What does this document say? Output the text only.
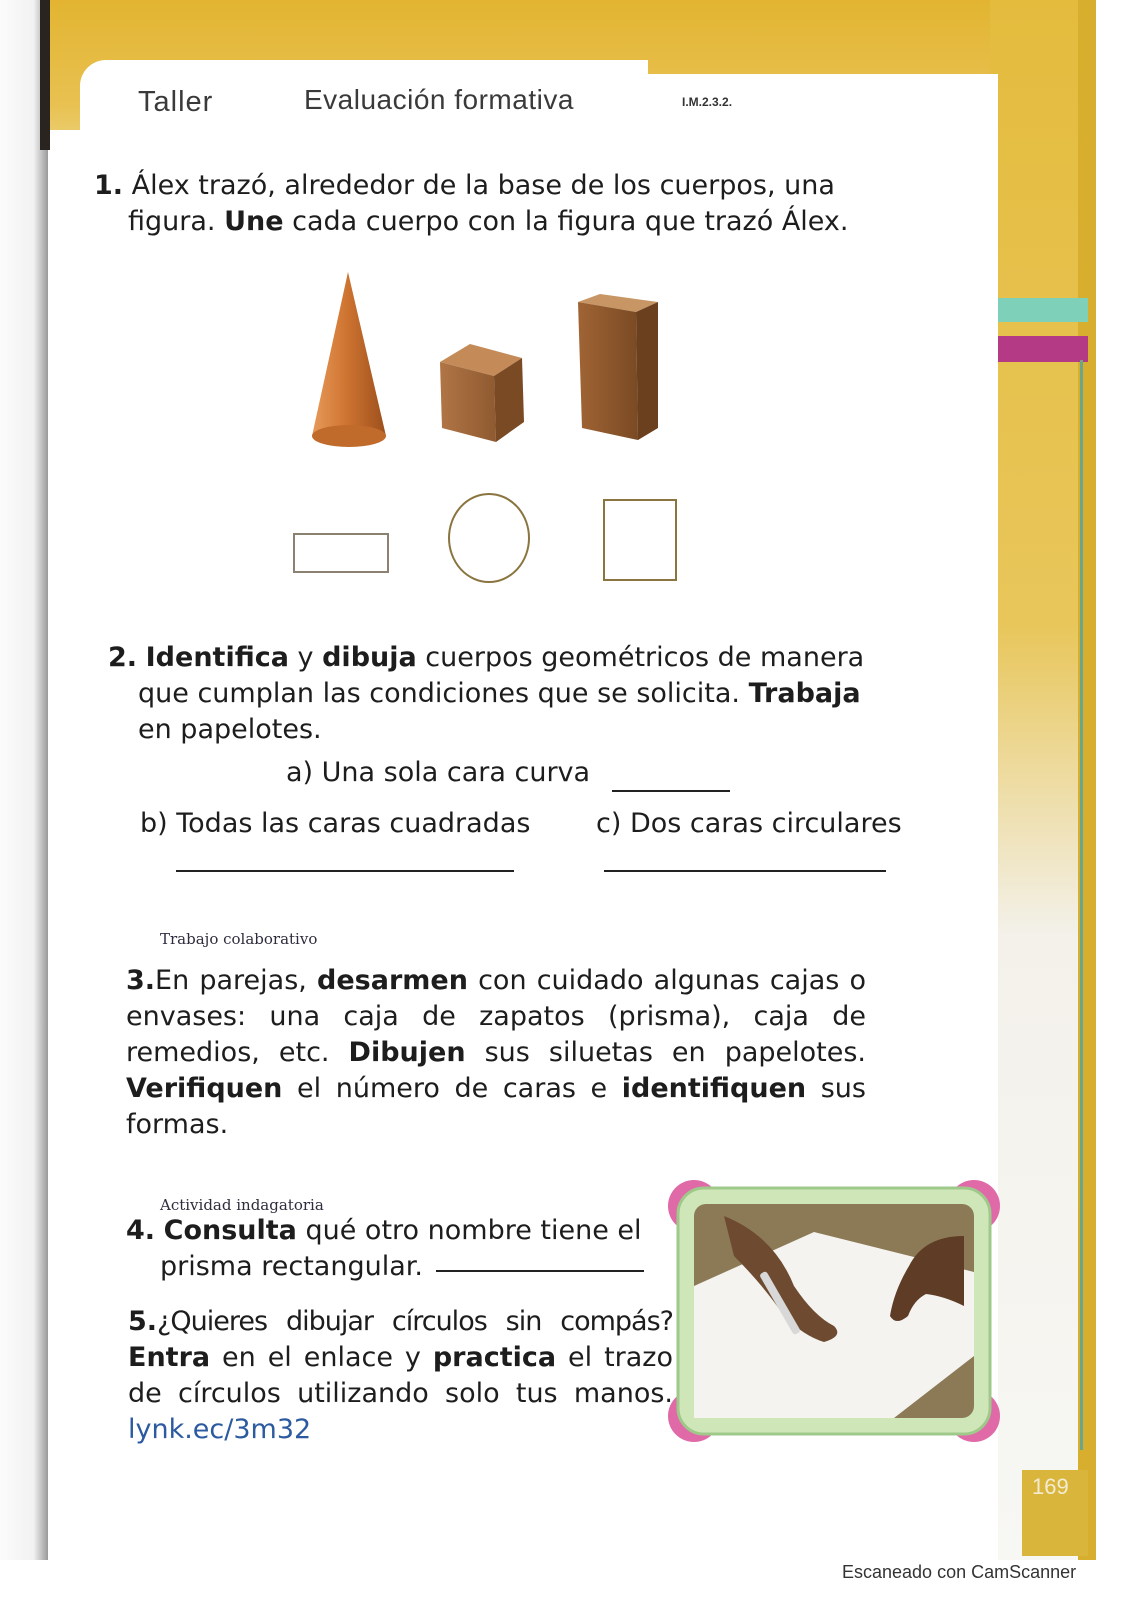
Taller	Evaluación formativa	I.M.2.3.2.
1. Álex trazó, alrededor de la base de los cuerpos, una
figura. Une cada cuerpo con la figura que trazó Álex.
2. Identifica y dibuja cuerpos geométricos de manera
que cumplan las condiciones que se solicita. Trabaja
en papelotes.
a) Una sola cara curva
b) Todas las caras cuadradas c) Dos caras circulares
Trabajo colaborativo
3.En parejas, desarmen con cuidado algunas cajas o envases: una caja de zapatos (prisma), caja de remedios, etc. Dibujen sus siluetas en papelotes. Verifiquen el número de caras e identifiquen sus formas.
Actividad indagatoria
4. Consulta qué otro nombre tiene el
prisma rectangular.
5.¿Quieres dibujar círculos sin compás? Entra en el enlace y practica el trazo de círculos utilizando solo tus manos. lynk.ec/3m32
169
Escaneado con CamScanner
